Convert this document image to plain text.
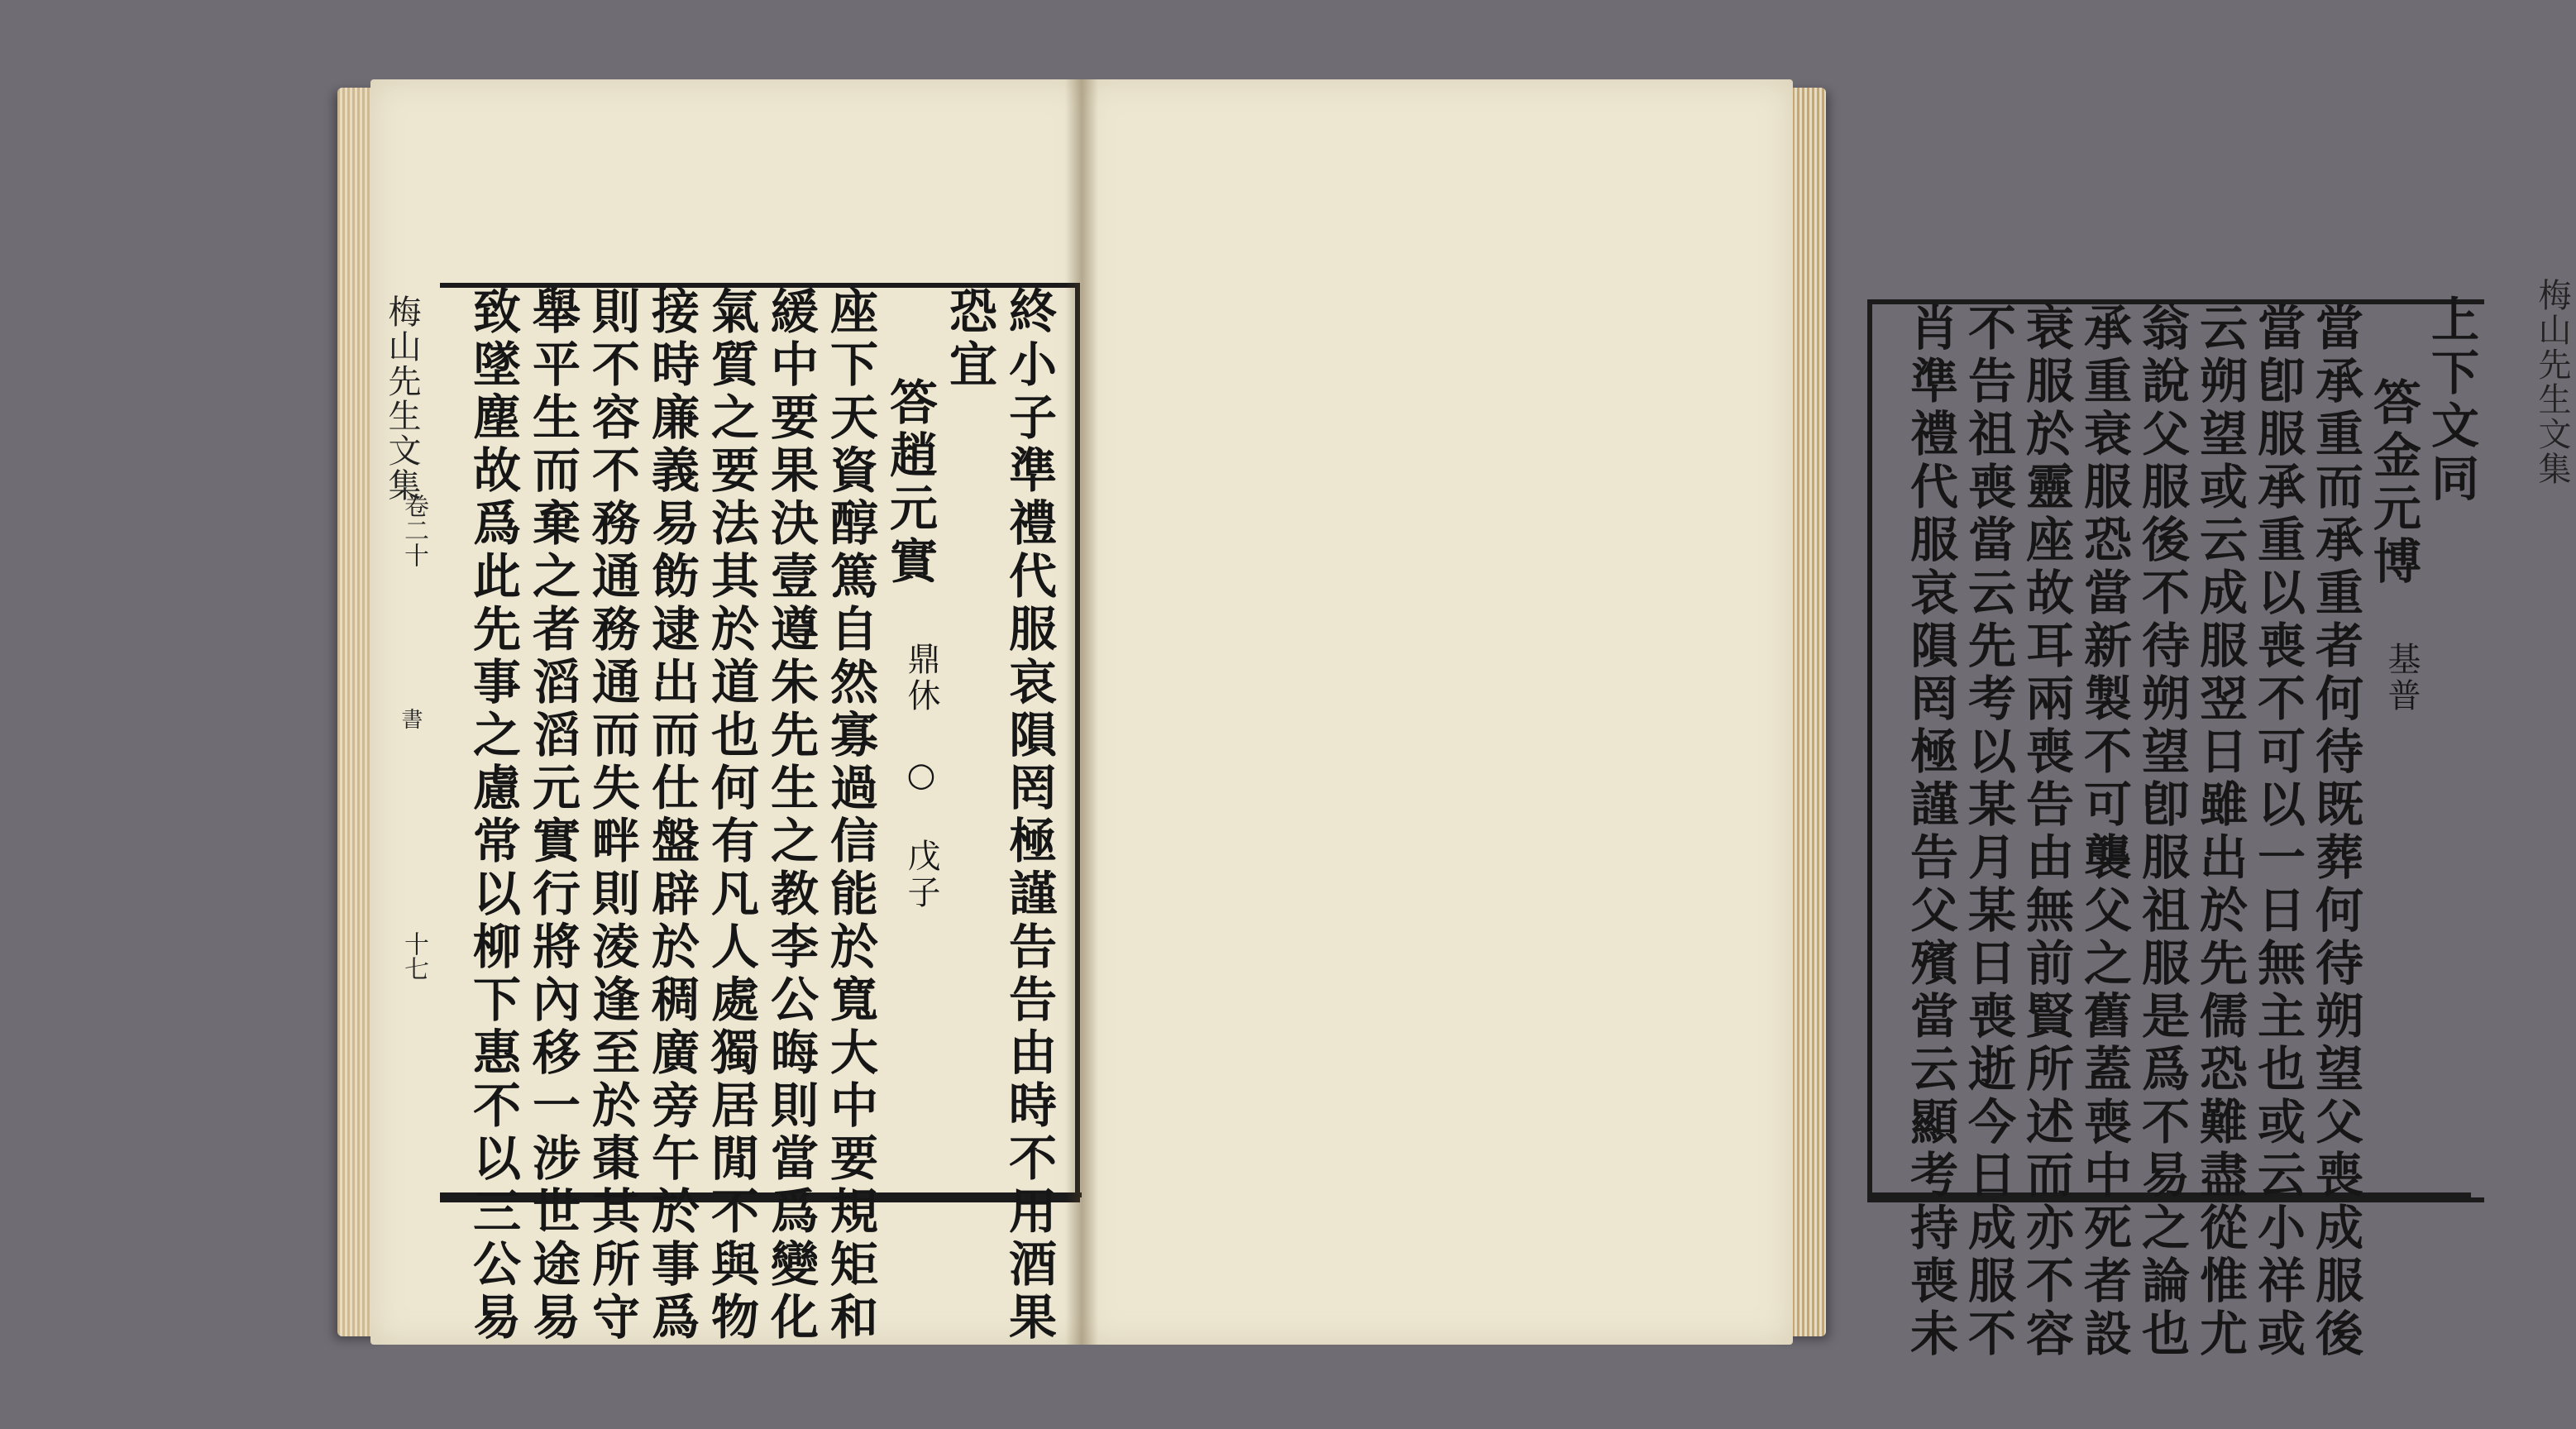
梅山先生文集
卷二十
書
十七	終小子準禮代服哀隕罔極謹告告由時不用酒果
恐宜
答趙元實
鼎休 ○ 戊子
座下天資醇篤自然寡過信能於寬大中要規矩和
緩中要果決壹遵朱先生之教李公晦則當爲變化
氣質之要法其於道也何有凡人處獨居閒不與物
接時廉義易飭逮出而仕盤辟於稠廣旁午於事爲
則不容不務通務通而失畔則淩逢至於棗其所守
舉平生而棄之者滔滔元實行將內移一涉世途易
致墜塵故爲此先事之慮常以柳下惠不以三公易	梅山先生文集
上下文同
答金元博
基普
當承重而承重者何待既葬何待朔望父喪成服後
當卽服承重以喪不可以一日無主也或云小祥或
云朔望或云成服翌日雖出於先儒恐難盡從惟尤
翁說父服後不待朔望卽服祖服是爲不易之論也
承重衰服恐當新製不可襲父之舊蓋喪中死者設
衰服於靈座故耳兩喪告由無前賢所述而亦不容
不告祖喪當云先考以某月某日喪逝今日成服不
肖準禮代服哀隕罔極謹告父殯當云顯考持喪未
